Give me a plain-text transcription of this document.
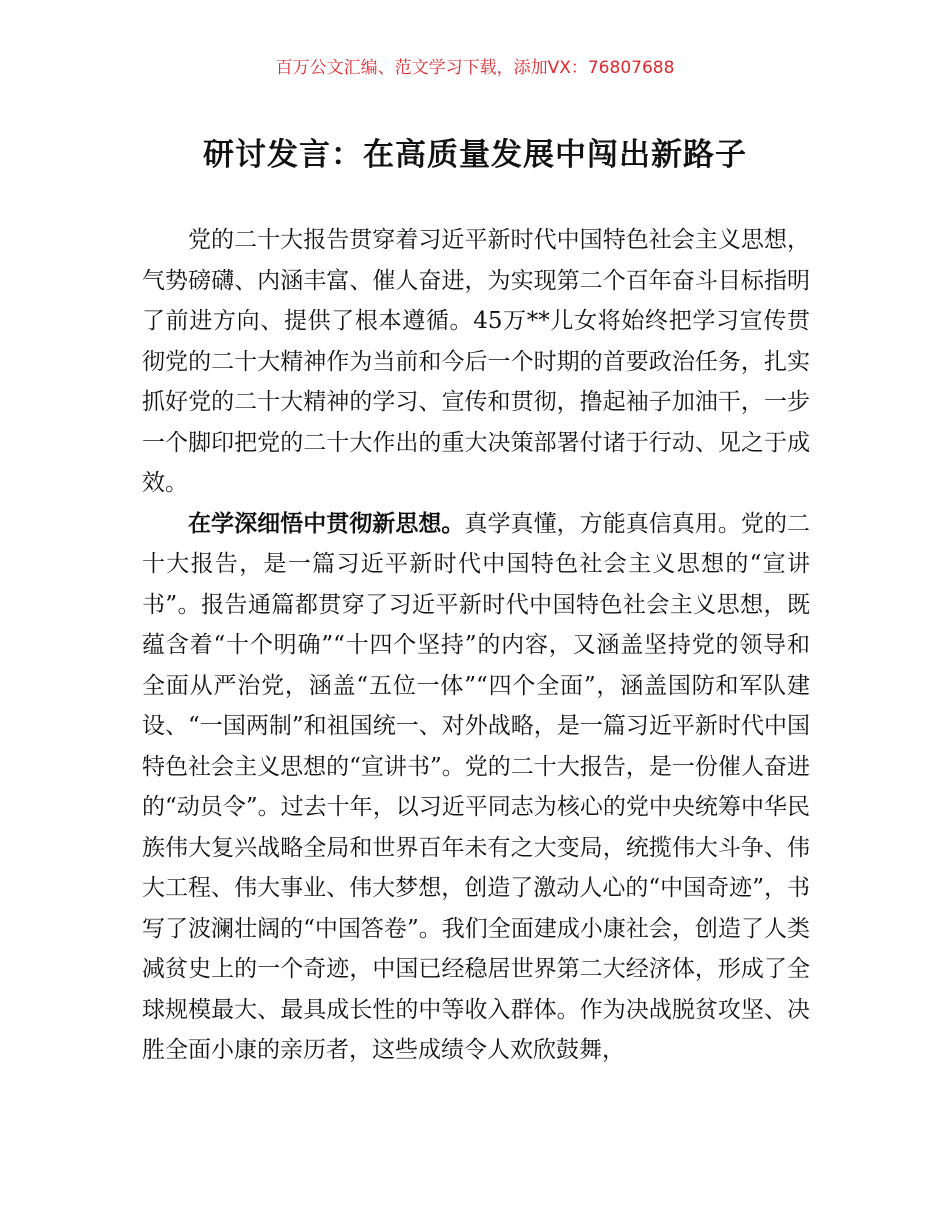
百万公文汇编、范文学习下载，添加VX：76807688
研讨发言：在高质量发展中闯出新路子

党的二十大报告贯穿着习近平新时代中国特色社会主义思想，气势磅礴、内涵丰富、催人奋进，为实现第二个百年奋斗目标指明了前进方向、提供了根本遵循。45万**儿女将始终把学习宣传贯彻党的二十大精神作为当前和今后一个时期的首要政治任务，扎实抓好党的二十大精神的学习、宣传和贯彻，撸起袖子加油干，一步一个脚印把党的二十大作出的重大决策部署付诸于行动、见之于成效。

在学深细悟中贯彻新思想。真学真懂，方能真信真用。党的二十大报告，是一篇习近平新时代中国特色社会主义思想的“宣讲书”。报告通篇都贯穿了习近平新时代中国特色社会主义思想，既蕴含着“十个明确”“十四个坚持”的内容，又涵盖坚持党的领导和全面从严治党，涵盖“五位一体”“四个全面”，涵盖国防和军队建设、“一国两制”和祖国统一、对外战略，是一篇习近平新时代中国特色社会主义思想的“宣讲书”。党的二十大报告，是一份催人奋进的“动员令”。过去十年，以习近平同志为核心的党中央统筹中华民族伟大复兴战略全局和世界百年未有之大变局，统揽伟大斗争、伟大工程、伟大事业、伟大梦想，创造了激动人心的“中国奇迹”，书写了波澜壮阔的“中国答卷”。我们全面建成小康社会，创造了人类减贫史上的一个奇迹，中国已经稳居世界第二大经济体，形成了全球规模最大、最具成长性的中等收入群体。作为决战脱贫攻坚、决胜全面小康的亲历者，这些成绩令人欢欣鼓舞，
